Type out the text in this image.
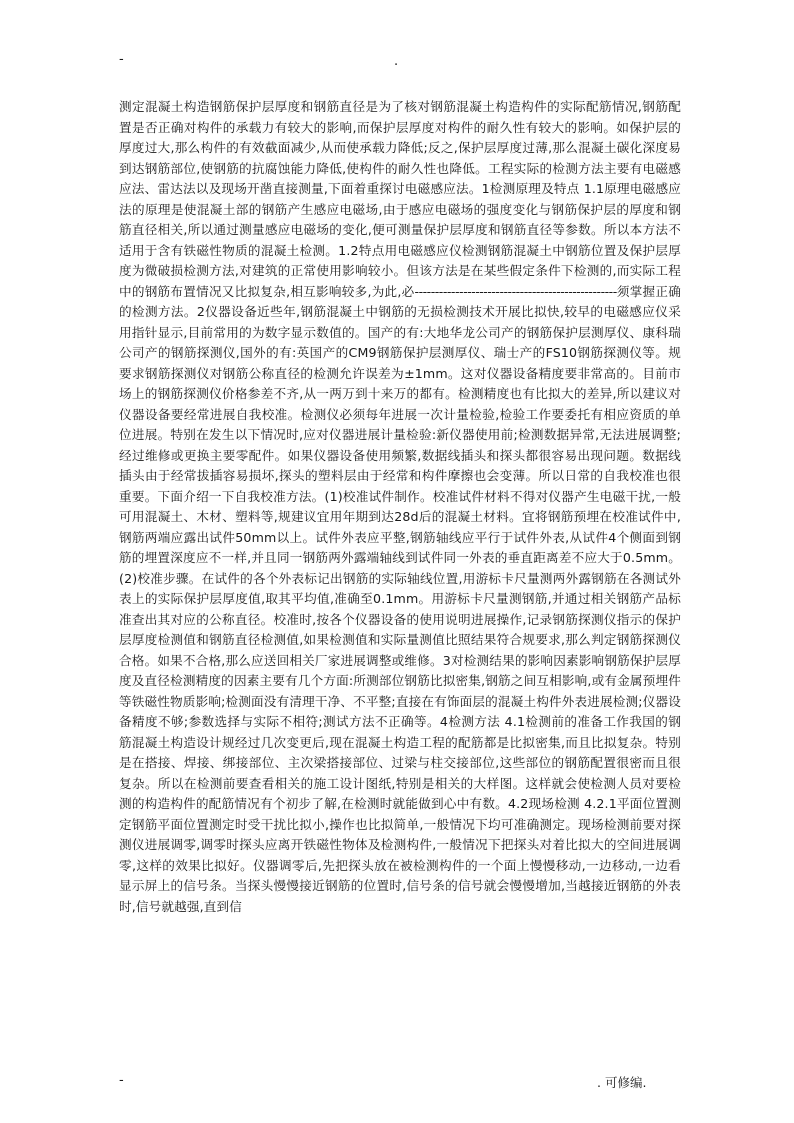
-	.

测定混凝土构造钢筋保护层厚度和钢筋直径是为了核对钢筋混凝土构造构件的实际配筋情况,钢筋配置是否正确对构件的承载力有较大的影响,而保护层厚度对构件的耐久性有较大的影响。如保护层的厚度过大,那么构件的有效截面减少,从而使承载力降低;反之,保护层厚度过薄,那么混凝土碳化深度易到达钢筋部位,使钢筋的抗腐蚀能力降低,使构件的耐久性也降低。工程实际的检测方法主要有电磁感应法、雷达法以及现场开凿直接测量,下面着重探讨电磁感应法。1检测原理及特点 1.1原理电磁感应法的原理是使混凝土部的钢筋产生感应电磁场,由于感应电磁场的强度变化与钢筋保护层的厚度和钢筋直径相关,所以通过测量感应电磁场的变化,便可测量保护层厚度和钢筋直径等参数。所以本方法不适用于含有铁磁性物质的混凝土检测。1.2特点用电磁感应仪检测钢筋混凝土中钢筋位置及保护层厚度为微破损检测方法,对建筑的正常使用影响较小。但该方法是在某些假定条件下检测的,而实际工程中的钢筋布置情况又比拟复杂,相互影响较多,为此,必--------------------------------------------------须掌握正确的检测方法。2仪器设备近些年,钢筋混凝土中钢筋的无损检测技术开展比拟快,较早的电磁感应仪采用指针显示,目前常用的为数字显示数值的。国产的有:大地华龙公司产的钢筋保护层测厚仪、康科瑞公司产的钢筋探测仪,国外的有:英国产的CM9钢筋保护层测厚仪、瑞士产的FS10钢筋探测仪等。规要求钢筋探测仪对钢筋公称直径的检测允许误差为±1mm。这对仪器设备精度要非常高的。目前市场上的钢筋探测仪价格参差不齐,从一两万到十来万的都有。检测精度也有比拟大的差异,所以建议对仪器设备要经常进展自我校准。检测仪必须每年进展一次计量检验,检验工作要委托有相应资质的单位进展。特别在发生以下情况时,应对仪器进展计量检验:新仪器使用前;检测数据异常,无法进展调整;经过维修或更换主要零配件。如果仪器设备使用频繁,数据线插头和探头都很容易出现问题。数据线插头由于经常拔插容易损坏,探头的塑料层由于经常和构件摩擦也会变薄。所以日常的自我校准也很重要。下面介绍一下自我校准方法。(1)校准试件制作。校准试件材料不得对仪器产生电磁干扰,一般可用混凝土、木材、塑料等,规建议宜用年期到达28d后的混凝土材料。宜将钢筋预埋在校准试件中,钢筋两端应露出试件50mm以上。试件外表应平整,钢筋轴线应平行于试件外表,从试件4个侧面到钢筋的埋置深度应不一样,并且同一钢筋两外露端轴线到试件同一外表的垂直距离差不应大于0.5mm。(2)校准步骤。在试件的各个外表标记出钢筋的实际轴线位置,用游标卡尺量测两外露钢筋在各测试外表上的实际保护层厚度值,取其平均值,准确至0.1mm。用游标卡尺量测钢筋,并通过相关钢筋产品标准查出其对应的公称直径。校准时,按各个仪器设备的使用说明进展操作,记录钢筋探测仪指示的保护层厚度检测值和钢筋直径检测值,如果检测值和实际量测值比照结果符合规要求,那么判定钢筋探测仪合格。如果不合格,那么应送回相关厂家进展调整或维修。3对检测结果的影响因素影响钢筋保护层厚度及直径检测精度的因素主要有几个方面:所测部位钢筋比拟密集,钢筋之间互相影响,或有金属预埋件等铁磁性物质影响;检测面没有清理干净、不平整;直接在有饰面层的混凝土构件外表进展检测;仪器设备精度不够;参数选择与实际不相符;测试方法不正确等。4检测方法 4.1检测前的准备工作我国的钢筋混凝土构造设计规经过几次变更后,现在混凝土构造工程的配筋都是比拟密集,而且比拟复杂。特别是在搭接、焊接、绑接部位、主次梁搭接部位、过梁与柱交接部位,这些部位的钢筋配置很密而且很复杂。所以在检测前要查看相关的施工设计图纸,特别是相关的大样图。这样就会使检测人员对要检测的构造构件的配筋情况有个初步了解,在检测时就能做到心中有数。4.2现场检测 4.2.1平面位置测定钢筋平面位置测定时受干扰比拟小,操作也比拟简单,一般情况下均可准确测定。现场检测前要对探测仪进展调零,调零时探头应离开铁磁性物体及检测构件,一般情况下把探头对着比拟大的空间进展调零,这样的效果比拟好。仪器调零后,先把探头放在被检测构件的一个面上慢慢移动,一边移动,一边看显示屏上的信号条。当探头慢慢接近钢筋的位置时,信号条的信号就会慢慢增加,当越接近钢筋的外表时,信号就越强,直到信

-	. 可修编.
